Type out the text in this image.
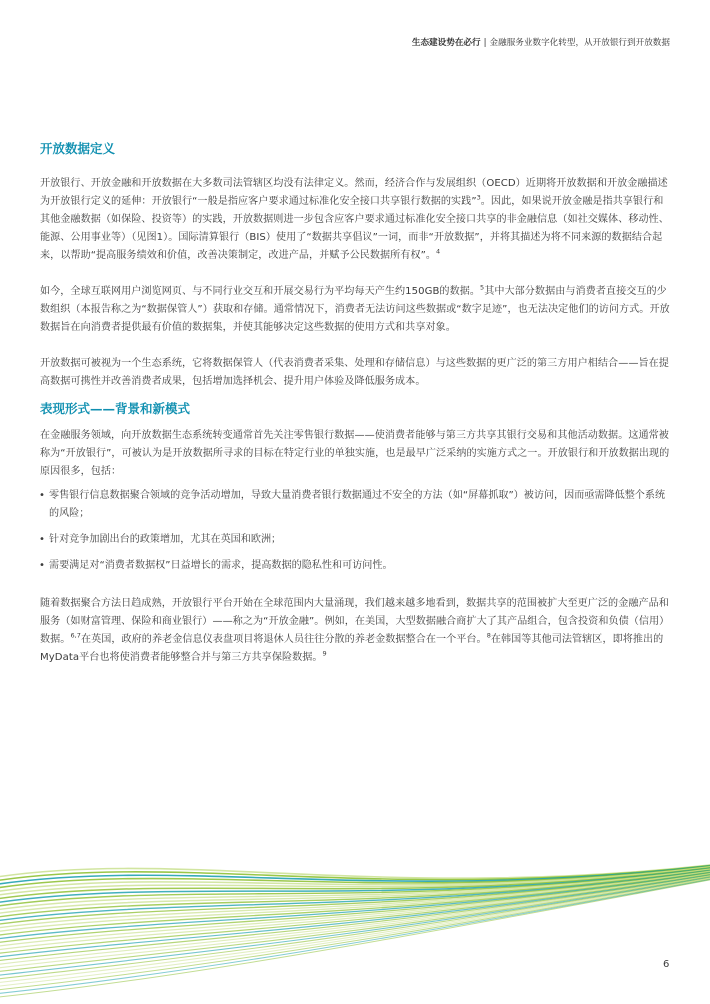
生态建设势在必行 | 金融服务业数字化转型，从开放银行到开放数据
开放数据定义

开放银行、开放金融和开放数据在大多数司法管辖区均没有法律定义。然而，经济合作与发展组织（OECD）近期将开放数据和开放金融描述为开放银行定义的延伸：开放银行“一般是指应客户要求通过标准化安全接口共享银行数据的实践”$^3$。因此，如果说开放金融是指共享银行和其他金融数据（如保险、投资等）的实践，开放数据则进一步包含应客户要求通过标准化安全接口共享的非金融信息（如社交媒体、移动性、能源、公用事业等）（见图1）。国际清算银行（BIS）使用了“数据共享倡议”一词，而非“开放数据”，并将其描述为将不同来源的数据结合起来，以帮助“提高服务绩效和价值，改善决策制定，改进产品，并赋予公民数据所有权”。$^4$

如今，全球互联网用户浏览网页、与不同行业交互和开展交易行为平均每天产生约150GB的数据。$^5$其中大部分数据由与消费者直接交互的少数组织（本报告称之为“数据保管人”）获取和存储。通常情况下，消费者无法访问这些数据或“数字足迹”，也无法决定他们的访问方式。开放数据旨在向消费者提供最有价值的数据集，并使其能够决定这些数据的使用方式和共享对象。

开放数据可被视为一个生态系统，它将数据保管人（代表消费者采集、处理和存储信息）与这些数据的更广泛的第三方用户相结合——旨在提高数据可携性并改善消费者成果，包括增加选择机会、提升用户体验及降低服务成本。

表现形式——背景和新模式

在金融服务领域，向开放数据生态系统转变通常首先关注零售银行数据——使消费者能够与第三方共享其银行交易和其他活动数据。这通常被称为“开放银行”，可被认为是开放数据所寻求的目标在特定行业的单独实施，也是最早广泛采纳的实施方式之一。开放银行和开放数据出现的原因很多，包括：

• 零售银行信息数据聚合领域的竞争活动增加，导致大量消费者银行数据通过不安全的方法（如“屏幕抓取”）被访问，因而亟需降低整个系统的风险；
• 针对竞争加剧出台的政策增加，尤其在英国和欧洲；
• 需要满足对“消费者数据权”日益增长的需求，提高数据的隐私性和可访问性。

随着数据聚合方法日趋成熟，开放银行平台开始在全球范围内大量涌现，我们越来越多地看到，数据共享的范围被扩大至更广泛的金融产品和服务（如财富管理、保险和商业银行）——称之为“开放金融”。例如，在美国，大型数据融合商扩大了其产品组合，包含投资和负债（信用）数据。$^{6,7}$在英国，政府的养老金信息仪表盘项目将退休人员往往分散的养老金数据整合在一个平台。$^8$在韩国等其他司法管辖区，即将推出的MyData平台也将使消费者能够整合并与第三方共享保险数据。$^9$

6
